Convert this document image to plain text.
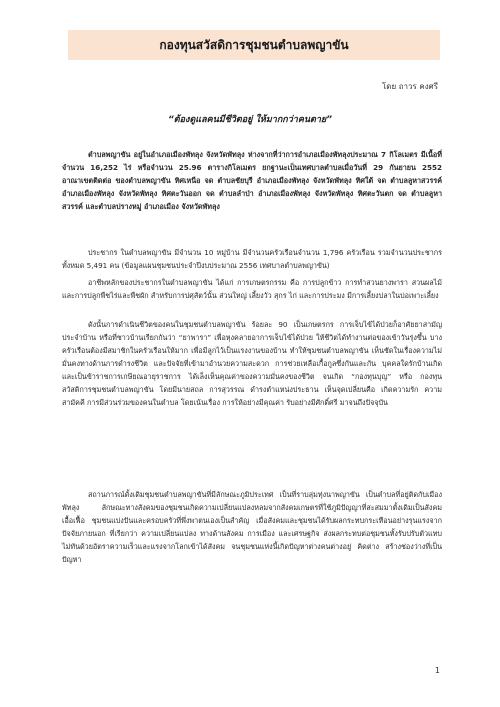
กองทุนสวัสดิการชุมชนตำบลพญาขัน
โดย ถาวร คงศรี
“ต้องดูแลคนมีชีวิตอยู่ ให้มากกว่าคนตาย”
ตำบลพญาขัน อยู่ในอำเภอเมืองพัทลุง จังหวัดพัทลุง ห่างจากที่ว่าการอำเภอเมืองพัทลุงประมาณ 7 กิโลเมตร มีเนื้อที่จำนวน 16,252 ไร่ หรือจำนวน 25.96 ตารางกิโลเมตร ยกฐานะเป็นเทศบาลตำบลเมื่อวันที่ 29 กันยายน 2552 อาณาเขตติดต่อ ของตำบลพญาขัน ทิศเหนือ จด ตำบลชัยบุรี อำเภอเมืองพัทลุง จังหวัดพัทลุง ทิศใต้ จด ตำบลลูหาสวรรค์ อำเภอเมืองพัทลุง จังหวัดพัทลุง ทิศตะวันออก จด ตำบลลำป่า อำเภอเมืองพัทลุง จังหวัดพัทลุง ทิศตะวันตก จด ตำบลลูหาสวรรค์ และตำบลปรางหมู่ อำเภอเมือง จังหวัดพัทลุง
ประชากร ในตำบลพญาขัน มีจำนวน 10 หมู่บ้าน มีจำนวนครัวเรือนจำนวน 1,796 ครัวเรือน รวมจำนวนประชากรทั้งหมด 5,491 คน (ข้อมูลแผนชุมชนประจำปีงบประมาณ 2556 เทศบาลตำบลพญาขัน)
อาชีพหลักของประชากรในตำบลพญาขัน ได้แก่ การเกษตรกรรม คือ การปลูกข้าว การทำสวนยางพารา สวนผลไม้ และการปลูกพืชไร่และพืชผัก สำหรับการปศุสัตว์นั้น ส่วนใหญ่ เลี้ยงวัว สุกร ไก่ และการประมง มีการเลี้ยงปลาในบ่อเพาะเลี้ยง
ดังนั้นการดำเนินชีวิตของคนในชุมชนตำบลพญาขัน ร้อยละ 90 เป็นเกษตรกร การเจ็บไข้ได้ป่วยก็อาศัยยาสามัญประจำบ้าน หรือที่ชาวบ้านเรียกกันว่า “ยาพารา” เพื่อหุงคลายอาการเจ็บไข้ได้ป่วย ให้ชีวิตได้ทำงานต่อของเข้าวันรุ่งขึ้น บางครัวเรือนต้องมีสมาชิกในครัวเรือนให้มาก เพื่อมีลูกไว้เป็นแรงงานของบ้าน ทำให้ชุมชนตำบลพญาขัน เห็นชัดในเรื่องความไม่มั่นคงทางด้านการดำรงชีวิต และปัจจัยที่เข้ามาอำนวยความสะดวก การช่วยเหลือเกื้อกูลซึ่งกันและกัน บุคคลใดรักบ้านเกิด และเป็นข้าราชการเกษียณอายุราชการ ได้เล็งเห็นคุณค่าของความมั่นคงของชีวิต จนเกิด “กองทุนบุญ” หรือ กองทุนสวัสดิการชุมชนตำบลพญาขัน โดยมีนายสถล การสุวรรณ ดำรงตำแหน่งประธาน เห็นจุดเปลี่ยนคือ เกิดความรัก ความสามัคคี การมีส่วนร่วมของคนในตำบล โดยเน้นเรื่อง การให้อย่างมีคุณค่า รับอย่างมีศักดิ์ศรี มาจนถึงปัจจุบัน
สถานการณ์ดั้งเดิมชุมชนตำบลพญาขันที่มีลักษณะภูมิประเทศ เป็นที่ราบลุ่มทุ่งนาพญาขัน เป็นตำบลที่อยู่ติดกับเมืองพัทลุง ลักษณะทางสังคมของชุมชนเกิดความเปลี่ยนแปลงหลมจากสังคมเกษตรที่ใช้ภูมิปัญญาที่สะสมมาตั้งเดิมเป็นสังคมเอื้อเฟื้อ ชุมชนแบ่งปันและครอบครัวที่พึ่งพาตนเองเป็นสำคัญ เมื่อสังคมและชุมชนได้รับผลกระทบกระเทือนอย่างรุนแรงจากปัจจัยภายนอก ที่เรียกว่า ความเปลี่ยนแปลง ทางด้านสังคม การเมือง และเศรษฐกิจ ส่งผลกระทบต่อชุมชนทั้งรับปรับตัวแทบไม่ทันด้วยอัตราความเร็วและแรงจากโลกเข้าได้สังคม จนชุมชนแห่งนี้เกิดปัญหาต่างคนต่างอยู่ คิดต่าง สร้างช่องว่างที่เป็นปัญหา
1
